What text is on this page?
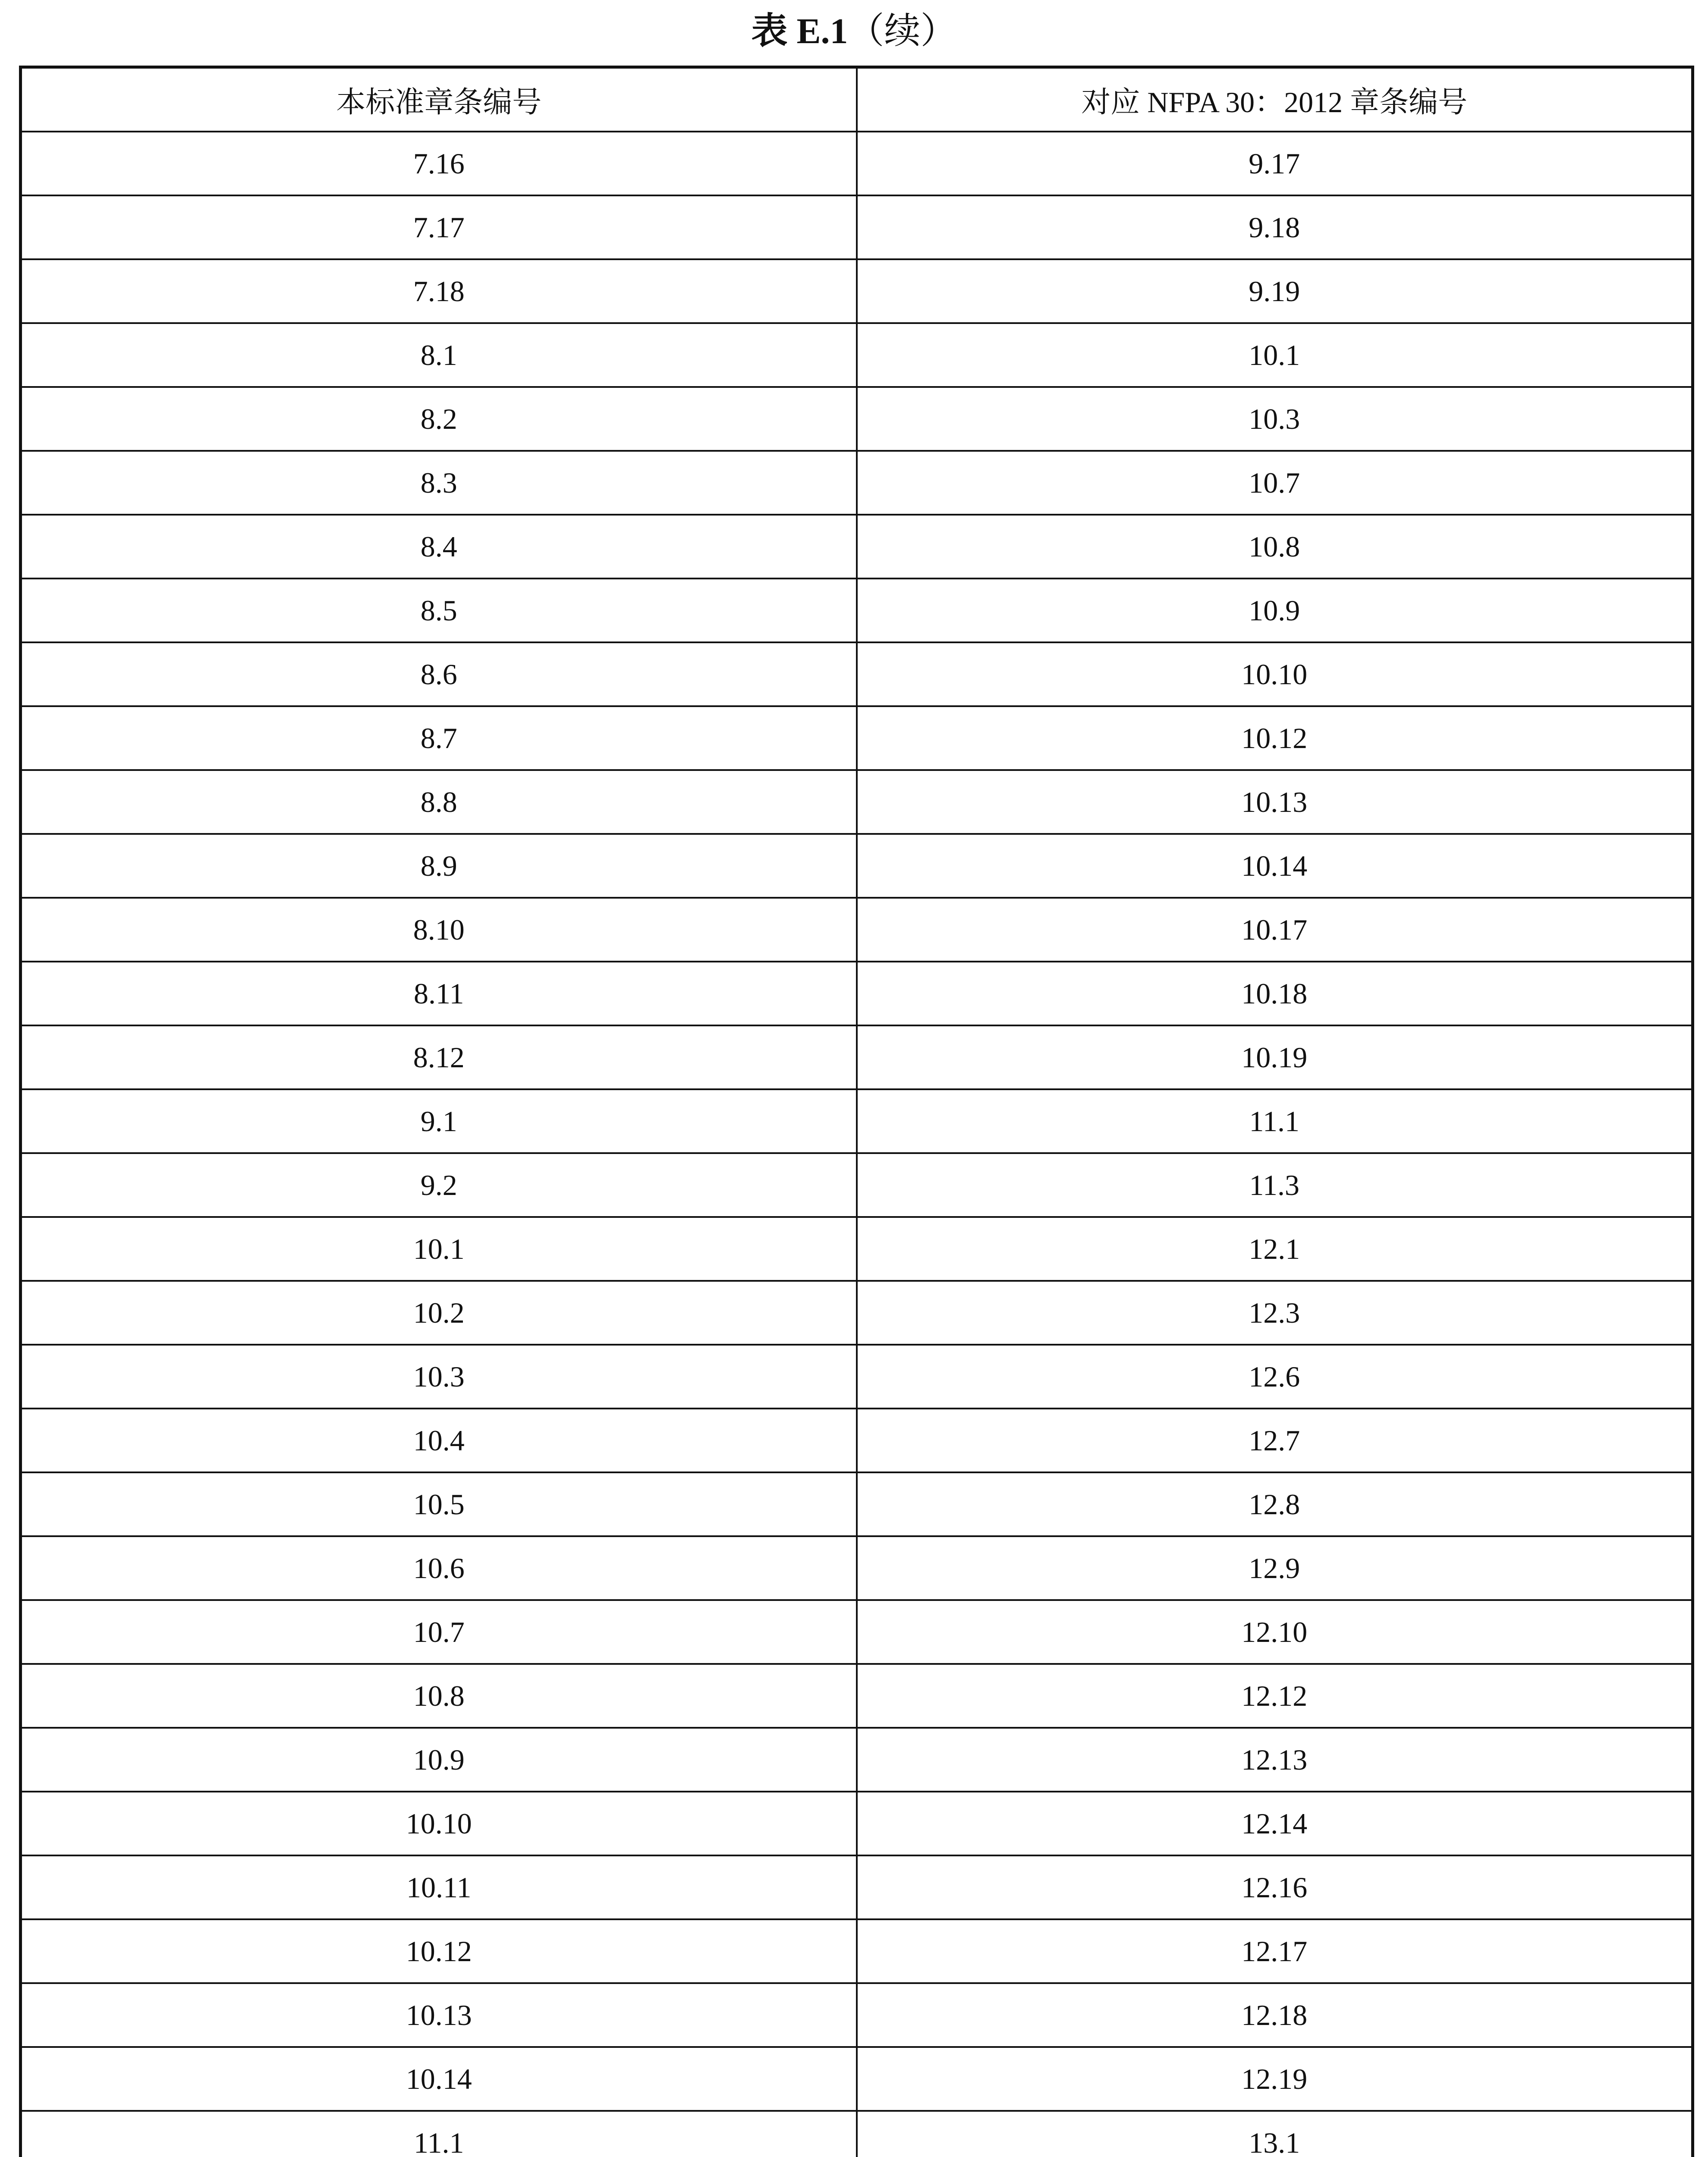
表 E.1（续）
本标准章条编号	对应 NFPA 30：2012 章条编号
7.16	9.17
7.17	9.18
7.18	9.19
8.1	10.1
8.2	10.3
8.3	10.7
8.4	10.8
8.5	10.9
8.6	10.10
8.7	10.12
8.8	10.13
8.9	10.14
8.10	10.17
8.11	10.18
8.12	10.19
9.1	11.1
9.2	11.3
10.1	12.1
10.2	12.3
10.3	12.6
10.4	12.7
10.5	12.8
10.6	12.9
10.7	12.10
10.8	12.12
10.9	12.13
10.10	12.14
10.11	12.16
10.12	12.17
10.13	12.18
10.14	12.19
11.1	13.1
